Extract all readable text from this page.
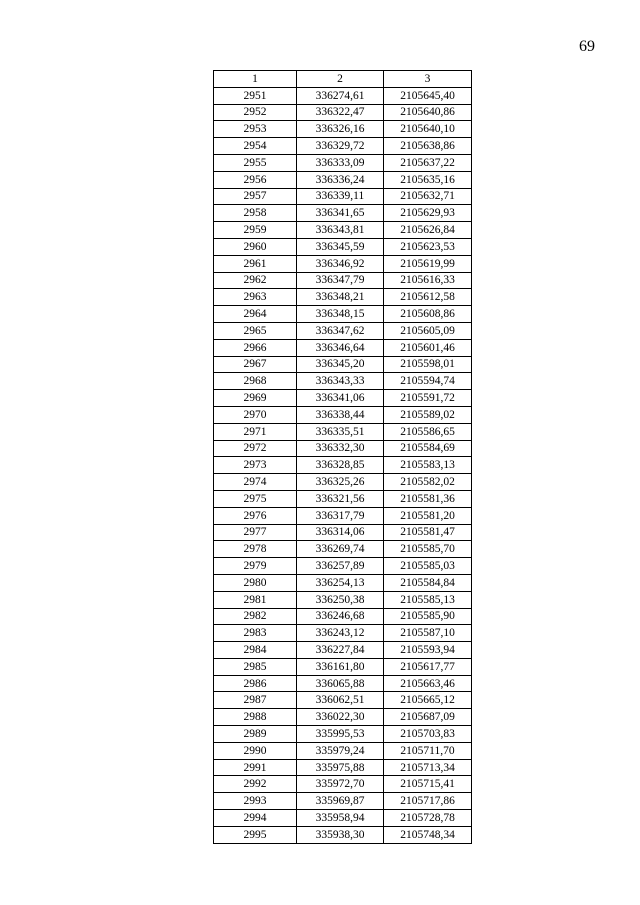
69
1	2	3
2951	336274,61	2105645,40
2952	336322,47	2105640,86
2953	336326,16	2105640,10
2954	336329,72	2105638,86
2955	336333,09	2105637,22
2956	336336,24	2105635,16
2957	336339,11	2105632,71
2958	336341,65	2105629,93
2959	336343,81	2105626,84
2960	336345,59	2105623,53
2961	336346,92	2105619,99
2962	336347,79	2105616,33
2963	336348,21	2105612,58
2964	336348,15	2105608,86
2965	336347,62	2105605,09
2966	336346,64	2105601,46
2967	336345,20	2105598,01
2968	336343,33	2105594,74
2969	336341,06	2105591,72
2970	336338,44	2105589,02
2971	336335,51	2105586,65
2972	336332,30	2105584,69
2973	336328,85	2105583,13
2974	336325,26	2105582,02
2975	336321,56	2105581,36
2976	336317,79	2105581,20
2977	336314,06	2105581,47
2978	336269,74	2105585,70
2979	336257,89	2105585,03
2980	336254,13	2105584,84
2981	336250,38	2105585,13
2982	336246,68	2105585,90
2983	336243,12	2105587,10
2984	336227,84	2105593,94
2985	336161,80	2105617,77
2986	336065,88	2105663,46
2987	336062,51	2105665,12
2988	336022,30	2105687,09
2989	335995,53	2105703,83
2990	335979,24	2105711,70
2991	335975,88	2105713,34
2992	335972,70	2105715,41
2993	335969,87	2105717,86
2994	335958,94	2105728,78
2995	335938,30	2105748,34
